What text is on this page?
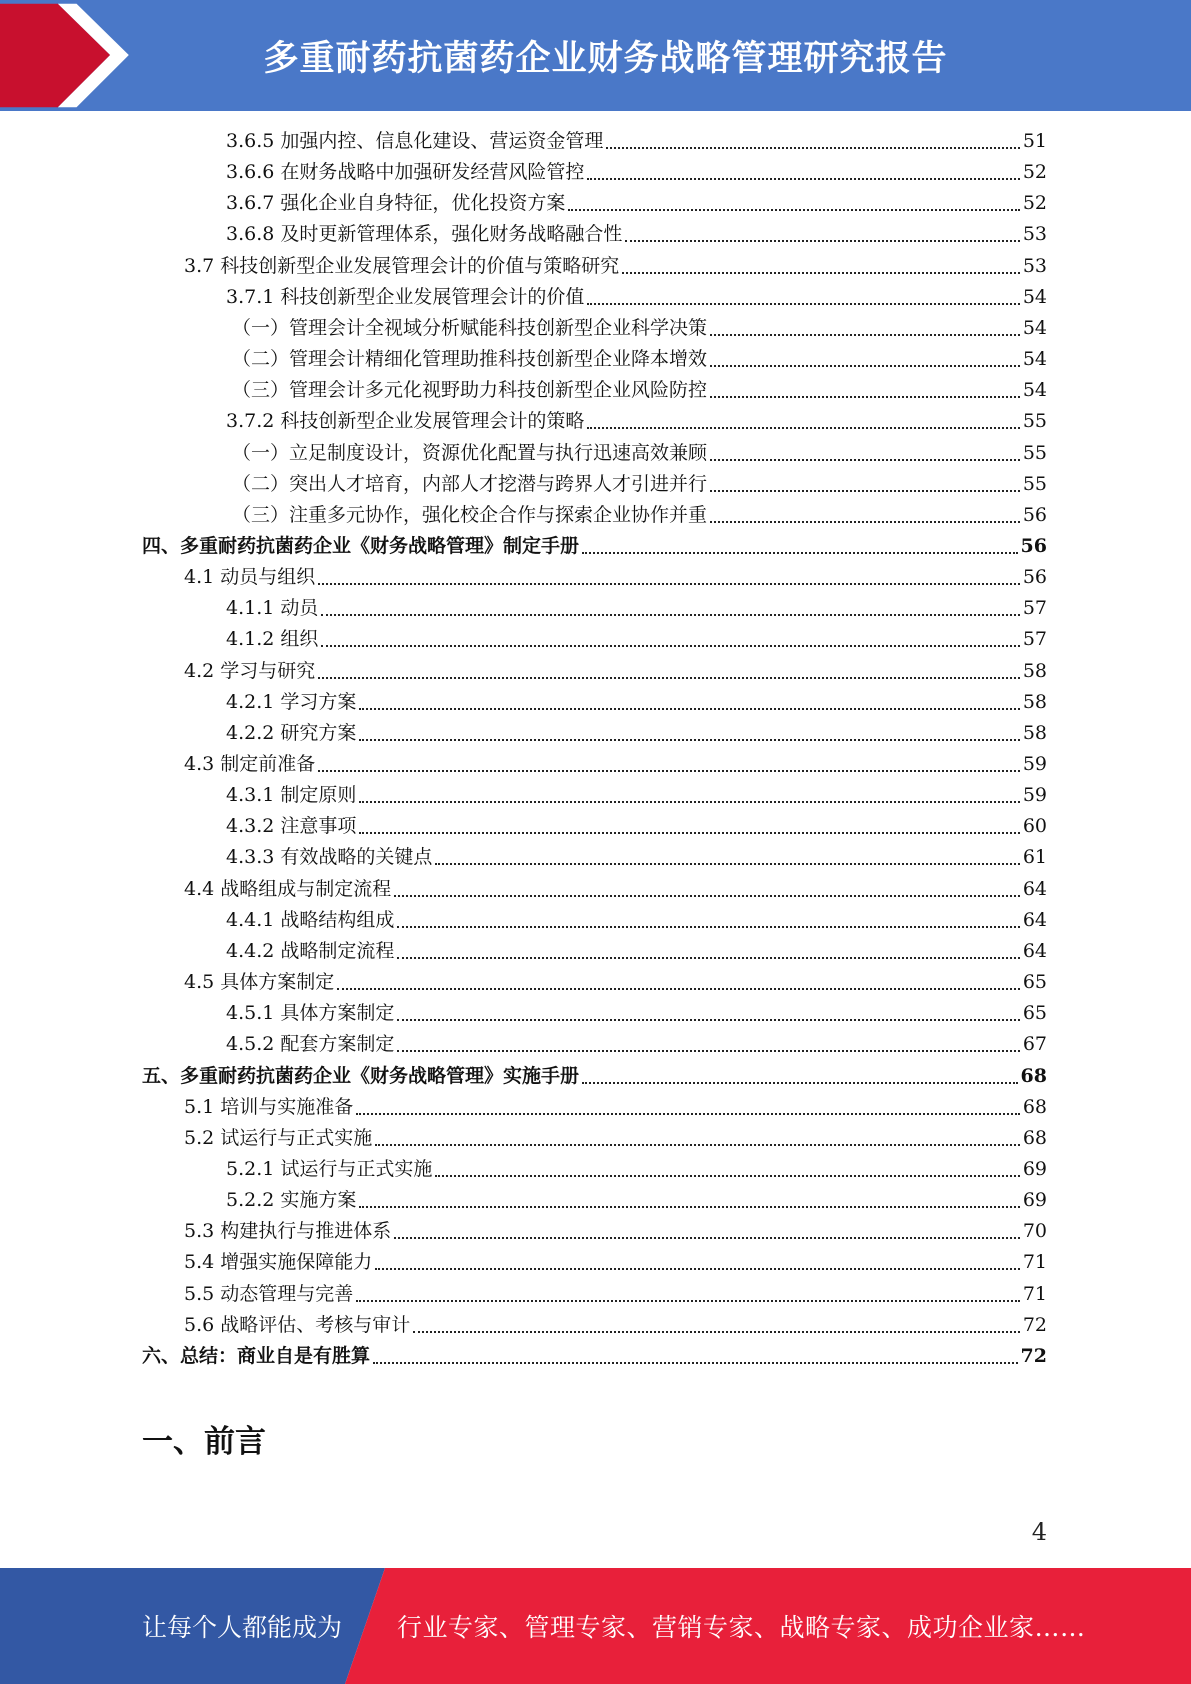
多重耐药抗菌药企业财务战略管理研究报告
3.6.5 加强内控、信息化建设、营运资金管理	51
3.6.6 在财务战略中加强研发经营风险管控	52
3.6.7 强化企业自身特征，优化投资方案	52
3.6.8 及时更新管理体系，强化财务战略融合性	53
3.7 科技创新型企业发展管理会计的价值与策略研究	53
3.7.1 科技创新型企业发展管理会计的价值	54
（一）管理会计全视域分析赋能科技创新型企业科学决策	54
（二）管理会计精细化管理助推科技创新型企业降本增效	54
（三）管理会计多元化视野助力科技创新型企业风险防控	54
3.7.2 科技创新型企业发展管理会计的策略	55
（一）立足制度设计，资源优化配置与执行迅速高效兼顾	55
（二）突出人才培育，内部人才挖潜与跨界人才引进并行	55
（三）注重多元协作，强化校企合作与探索企业协作并重	56
四、多重耐药抗菌药企业《财务战略管理》制定手册	56
4.1 动员与组织	56
4.1.1 动员	57
4.1.2 组织	57
4.2 学习与研究	58
4.2.1 学习方案	58
4.2.2 研究方案	58
4.3 制定前准备	59
4.3.1 制定原则	59
4.3.2 注意事项	60
4.3.3 有效战略的关键点	61
4.4 战略组成与制定流程	64
4.4.1 战略结构组成	64
4.4.2 战略制定流程	64
4.5 具体方案制定	65
4.5.1 具体方案制定	65
4.5.2 配套方案制定	67
五、多重耐药抗菌药企业《财务战略管理》实施手册	68
5.1 培训与实施准备	68
5.2 试运行与正式实施	68
5.2.1 试运行与正式实施	69
5.2.2 实施方案	69
5.3 构建执行与推进体系	70
5.4 增强实施保障能力	71
5.5 动态管理与完善	71
5.6 战略评估、考核与审计	72
六、总结：商业自是有胜算	72
一、前言
4
让每个人都能成为 行业专家、管理专家、营销专家、战略专家、成功企业家……
